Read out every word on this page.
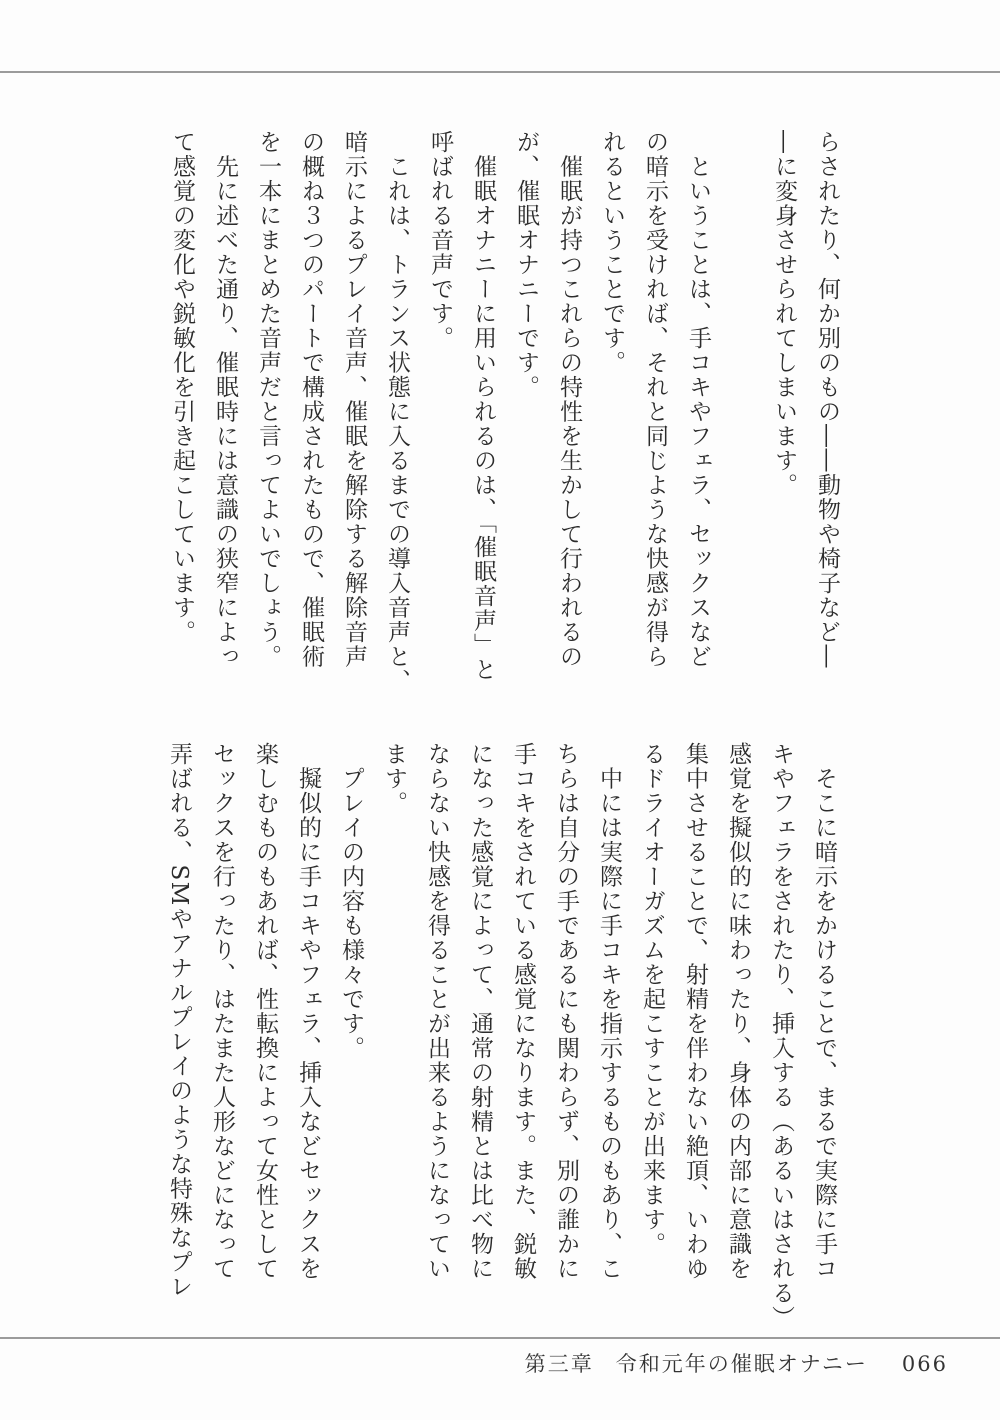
らされたり、何か別のもの――動物や椅子など―
―に変身させられてしまいます。

　ということは、手コキやフェラ、セックスなど
の暗示を受ければ、それと同じような快感が得ら
れるということです。
　催眠が持つこれらの特性を生かして行われるの
が、催眠オナニーです。
　催眠オナニーに用いられるのは、「催眠音声」と
呼ばれる音声です。
　これは、トランス状態に入るまでの導入音声と、
暗示によるプレイ音声、催眠を解除する解除音声
の概ね３つのパートで構成されたもので、催眠術
を一本にまとめた音声だと言ってよいでしょう。
　先に述べた通り、催眠時には意識の狭窄によっ
て感覚の変化や鋭敏化を引き起こしています。
　そこに暗示をかけることで、まるで実際に手コ
キやフェラをされたり、挿入する（あるいはされる）
感覚を擬似的に味わったり、身体の内部に意識を
集中させることで、射精を伴わない絶頂、いわゆ
るドライオーガズムを起こすことが出来ます。
　中には実際に手コキを指示するものもあり、こ
ちらは自分の手であるにも関わらず、別の誰かに
手コキをされている感覚になります。また、鋭敏
になった感覚によって、通常の射精とは比べ物に
ならない快感を得ることが出来るようになってい
ます。
　プレイの内容も様々です。
　擬似的に手コキやフェラ、挿入などセックスを
楽しむものもあれば、性転換によって女性として
セックスを行ったり、はたまた人形などになって
弄ばれる、SMやアナルプレイのような特殊なプレ
第三章 令和元年の催眠オナニー 066
